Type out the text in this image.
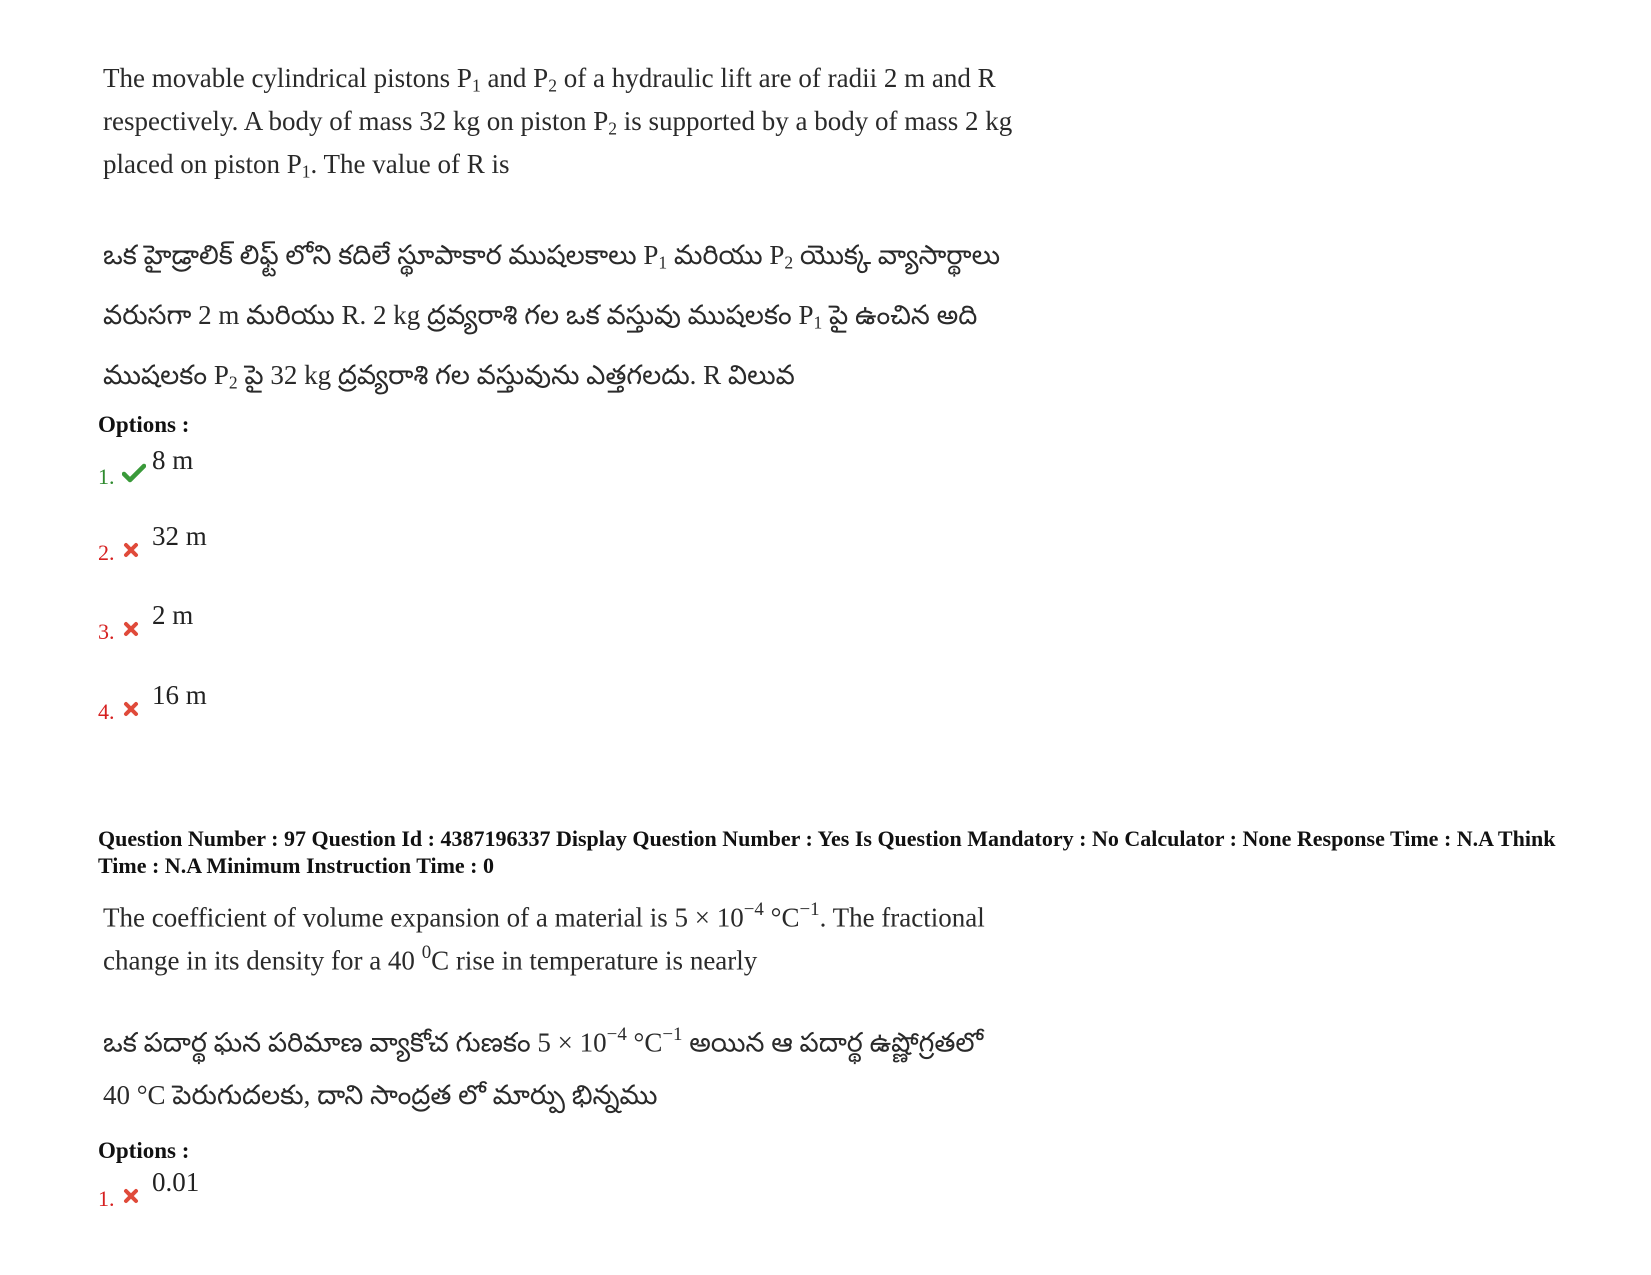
The movable cylindrical pistons $P_1$ and $P_2$ of a hydraulic lift are of radii 2 m and R
respectively. A body of mass 32 kg on piston $P_2$ is supported by a body of mass 2 kg
placed on piston $P_1$. The value of R is
ఒక హైడ్రాలిక్ లిఫ్ట్ లోని కదిలే స్థూపాకార ముషలకాలు $P_1$ మరియు $P_2$ యొక్క వ్యాసార్థాలు
వరుసగా 2 m మరియు R. 2 kg ద్రవ్యరాశి గల ఒక వస్తువు ముషలకం $P_1$ పై ఉంచిన అది
ముషలకం $P_2$ పై 32 kg ద్రవ్యరాశి గల వస్తువును ఎత్తగలదు. R విలువ
Options :
1.
8 m
2.
32 m
3.
2 m
4.
16 m
Question Number : 97 Question Id : 4387196337 Display Question Number : Yes Is Question Mandatory : No Calculator : None Response Time : N.A Think Time : N.A Minimum Instruction Time : 0
The coefficient of volume expansion of a material is $5 \times 10^{-4}$ $^\circ C^{-1}$. The fractional
change in its density for a 40 $^0$C rise in temperature is nearly
ఒక పదార్థ ఘన పరిమాణ వ్యాకోచ గుణకం $5 \times 10^{-4}$ $^\circ C^{-1}$ అయిన ఆ పదార్థ ఉష్ణోగ్రతలో
40 °C పెరుగుదలకు, దాని సాంద్రత లో మార్పు భిన్నము
Options :
1.
0.01
